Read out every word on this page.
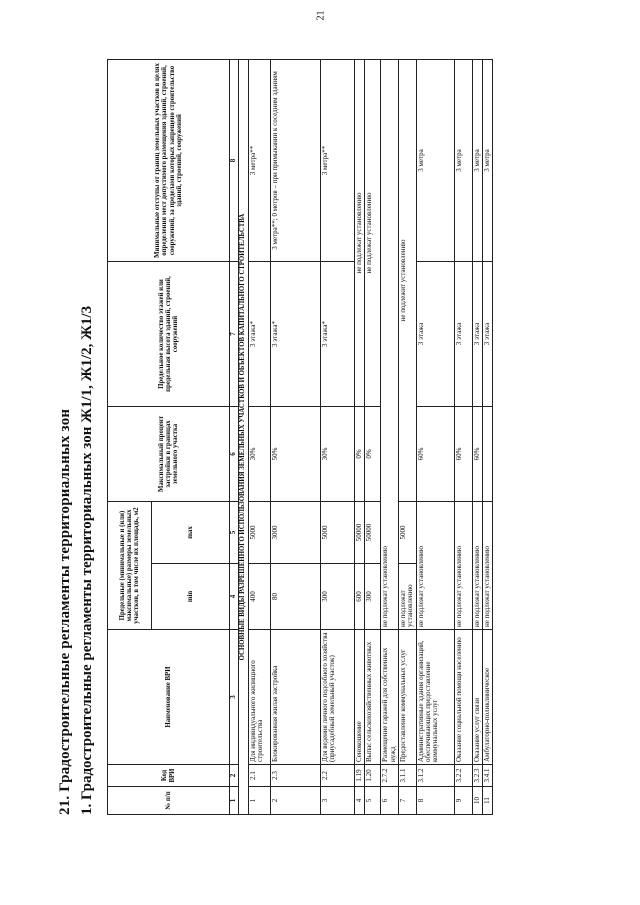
21
21. Градостроительные регламенты территориальных зон 1. Градостроительные регламенты территориальных зон Ж1/1, Ж1/2, Ж1/3	№ п/п	Код ВРИ	Наименование ВРИ	Предельные (минимальные и (или) максимальные) размеры земельных участков, в том числе их площадь, м2		Максимальный процент застройки в границах земельного участка	Предельное количество этажей или предельная высота зданий, строений, сооружений	Минимальные отступы от границ земельных участков в целях определения мест допустимого размещения зданий, строений, сооружений, за пределами которых запрещено строительство зданий, строений, сооружений
			min	max			
1	2	3	4	5	6	7	8
ОСНОВНЫЕ ВИДЫ РАЗРЕШЕННОГО ИСПОЛЬЗОВАНИЯ ЗЕМЕЛЬНЫХ УЧАСТКОВ И ОБЪЕКТОВ КАПИТАЛЬНОГО СТРОИТЕЛЬСТВА							
1	2.1	Для индивидуального жилищного строительства	400	5000	30%	3 этажа*	3 метра**
2	2.3	Блокированная жилая застройка	80	3000	50%	3 этажа*	3 метра**; 0 метров – при примыкании к соседним зданиям
3	2.2	Для ведения личного подсобного хозяйства (приусадебный земельный участок)	300	5000	30%	3 этажа*	3 метра**
4	1.19	Сенокошение	600	50000	0%	не подлежат установлению	
5	1.20	Выпас сельскохозяйственных животных	300	50000	0%	не подлежат установлению	
6	2.7.2	Размещение гаражей для собственных нужд	не подлежат установлению				
7	3.1.1	Предоставление коммунальных услуг	не подлежат установлению	5000	не подлежит установлению		
8	3.1.2	Административные здания организаций, обеспечивающих предоставление коммунальных услуг	не подлежат установлению		60%	3 этажа	3 метра
9	3.2.2	Оказание социальной помощи населению	не подлежат установлению		60%	3 этажа	3 метра
10	3.2.3	Оказание услуг связи	не подлежат установлению		60%	3 этажа	3 метра
11	3.4.1	Амбулаторно-поликлиническое	не подлежат установлению			3 этажа	3 метра
